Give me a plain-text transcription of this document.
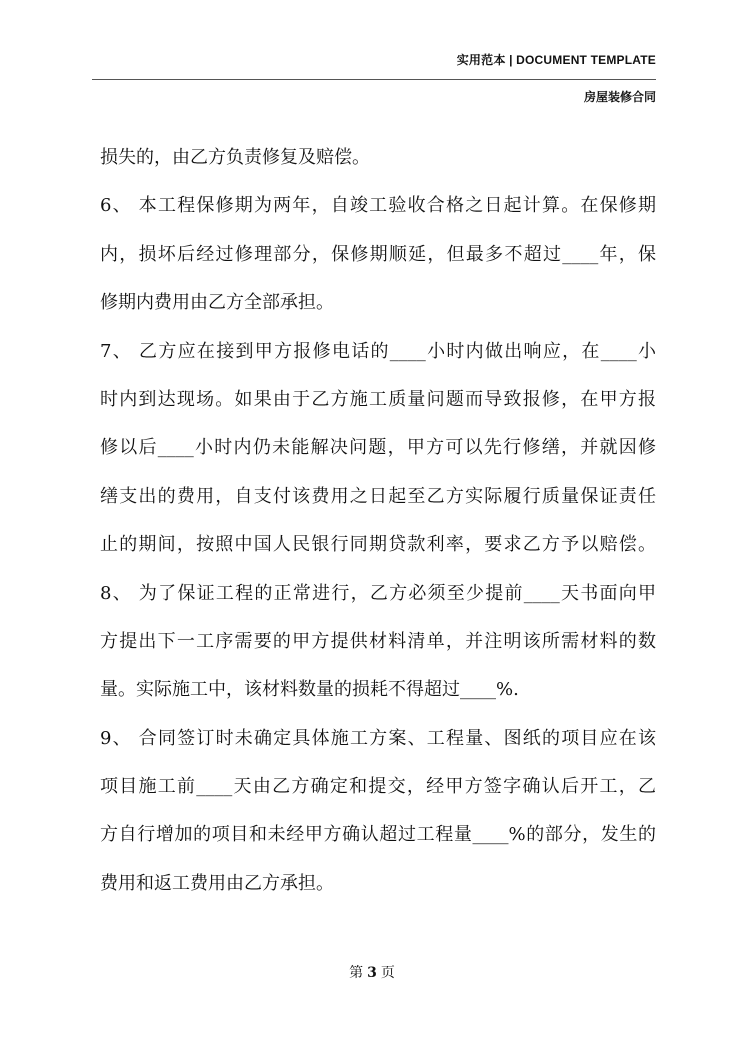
实用范本 | DOCUMENT TEMPLATE
房屋装修合同
损失的，由乙方负责修复及赔偿。
6、 本工程保修期为两年，自竣工验收合格之日起计算。在保修期
内，损坏后经过修理部分，保修期顺延，但最多不超过____年，保
修期内费用由乙方全部承担。
7、 乙方应在接到甲方报修电话的____小时内做出响应，在____小
时内到达现场。如果由于乙方施工质量问题而导致报修，在甲方报
修以后____小时内仍未能解决问题，甲方可以先行修缮，并就因修
缮支出的费用，自支付该费用之日起至乙方实际履行质量保证责任
止的期间，按照中国人民银行同期贷款利率，要求乙方予以赔偿。
8、 为了保证工程的正常进行，乙方必须至少提前____天书面向甲
方提出下一工序需要的甲方提供材料清单，并注明该所需材料的数
量。实际施工中，该材料数量的损耗不得超过____%.
9、 合同签订时未确定具体施工方案、工程量、图纸的项目应在该
项目施工前____天由乙方确定和提交，经甲方签字确认后开工，乙
方自行增加的项目和未经甲方确认超过工程量____%的部分，发生的
费用和返工费用由乙方承担。
第 3 页
